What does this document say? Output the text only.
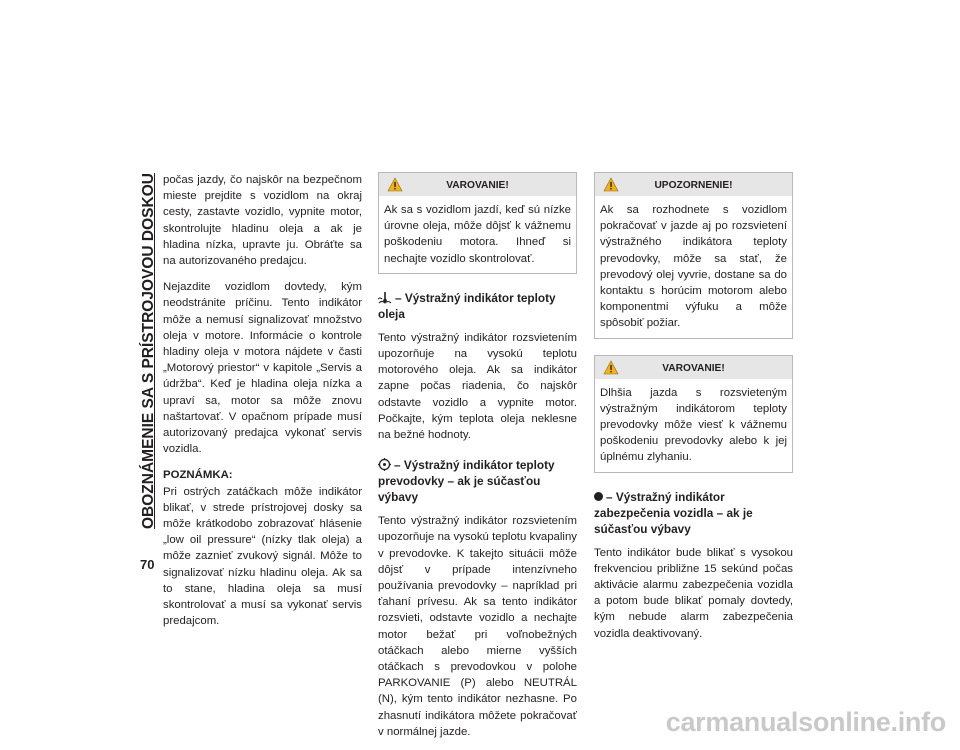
OBOZNÁMENIE SA S PRÍSTROJOVOU DOSKOU
70

počas jazdy, čo najskôr na bezpečnom mieste prejdite s vozidlom na okraj cesty, zastavte vozidlo, vypnite motor, skontrolujte hladinu oleja a ak je hladina nízka, upravte ju. Obráťte sa na autorizovaného predajcu.

Nejazdite vozidlom dovtedy, kým neodstránite príčinu. Tento indikátor môže a nemusí signalizovať množstvo oleja v motore. Informácie o kontrole hladiny oleja v motora nájdete v časti „Motorový priestor“ v kapitole „Servis a údržba“. Keď je hladina oleja nízka a upraví sa, motor sa môže znovu naštartovať. V opačnom prípade musí autorizovaný predajca vykonať servis vozidla.

POZNÁMKA:
Pri ostrých zatáčkach môže indikátor blikať, v strede prístrojovej dosky sa môže krátkodobo zobrazovať hlásenie „low oil pressure“ (nízky tlak oleja) a môže zaznieť zvukový signál. Môže to signalizovať nízku hladinu oleja. Ak sa to stane, hladina oleja sa musí skontrolovať a musí sa vykonať servis predajcom.

VAROVANIE!
Ak sa s vozidlom jazdí, keď sú nízke úrovne oleja, môže dôjsť k vážnemu poškodeniu motora. Ihneď si nechajte vozidlo skontrolovať.
– Výstražný indikátor teploty oleja

Tento výstražný indikátor rozsvietením upozorňuje na vysokú teplotu motorového oleja. Ak sa indikátor zapne počas riadenia, čo najskôr odstavte vozidlo a vypnite motor. Počkajte, kým teplota oleja neklesne na bežné hodnoty.

– Výstražný indikátor teploty prevodovky – ak je súčasťou výbavy

Tento výstražný indikátor rozsvietením upozorňuje na vysokú teplotu kvapaliny v prevodovke. K takejto situácii môže dôjsť v prípade intenzívneho používania prevodovky – napríklad pri ťahaní prívesu. Ak sa tento indikátor rozsvieti, odstavte vozidlo a nechajte motor bežať pri voľnobežných otáčkach alebo mierne vyšších otáčkach s prevodovkou v polohe PARKOVANIE (P) alebo NEUTRÁL (N), kým tento indikátor nezhasne. Po zhasnutí indikátora môžete pokračovať v normálnej jazde.

UPOZORNENIE!
Ak sa rozhodnete s vozidlom pokračovať v jazde aj po rozsvietení výstražného indikátora teploty prevodovky, môže sa stať, že prevodový olej vyvrie, dostane sa do kontaktu s horúcim motorom alebo komponentmi výfuku a môže spôsobiť požiar.
VAROVANIE!
Dlhšia jazda s rozsvieteným výstražným indikátorom teploty prevodovky môže viesť k vážnemu poškodeniu prevodovky alebo k jej úplnému zlyhaniu.
– Výstražný indikátor zabezpečenia vozidla – ak je súčasťou výbavy

Tento indikátor bude blikať s vysokou frekvenciou približne 15 sekúnd počas aktivácie alarmu zabezpečenia vozidla a potom bude blikať pomaly dovtedy, kým nebude alarm zabezpečenia vozidla deaktivovaný.

carmanualsonline.info
